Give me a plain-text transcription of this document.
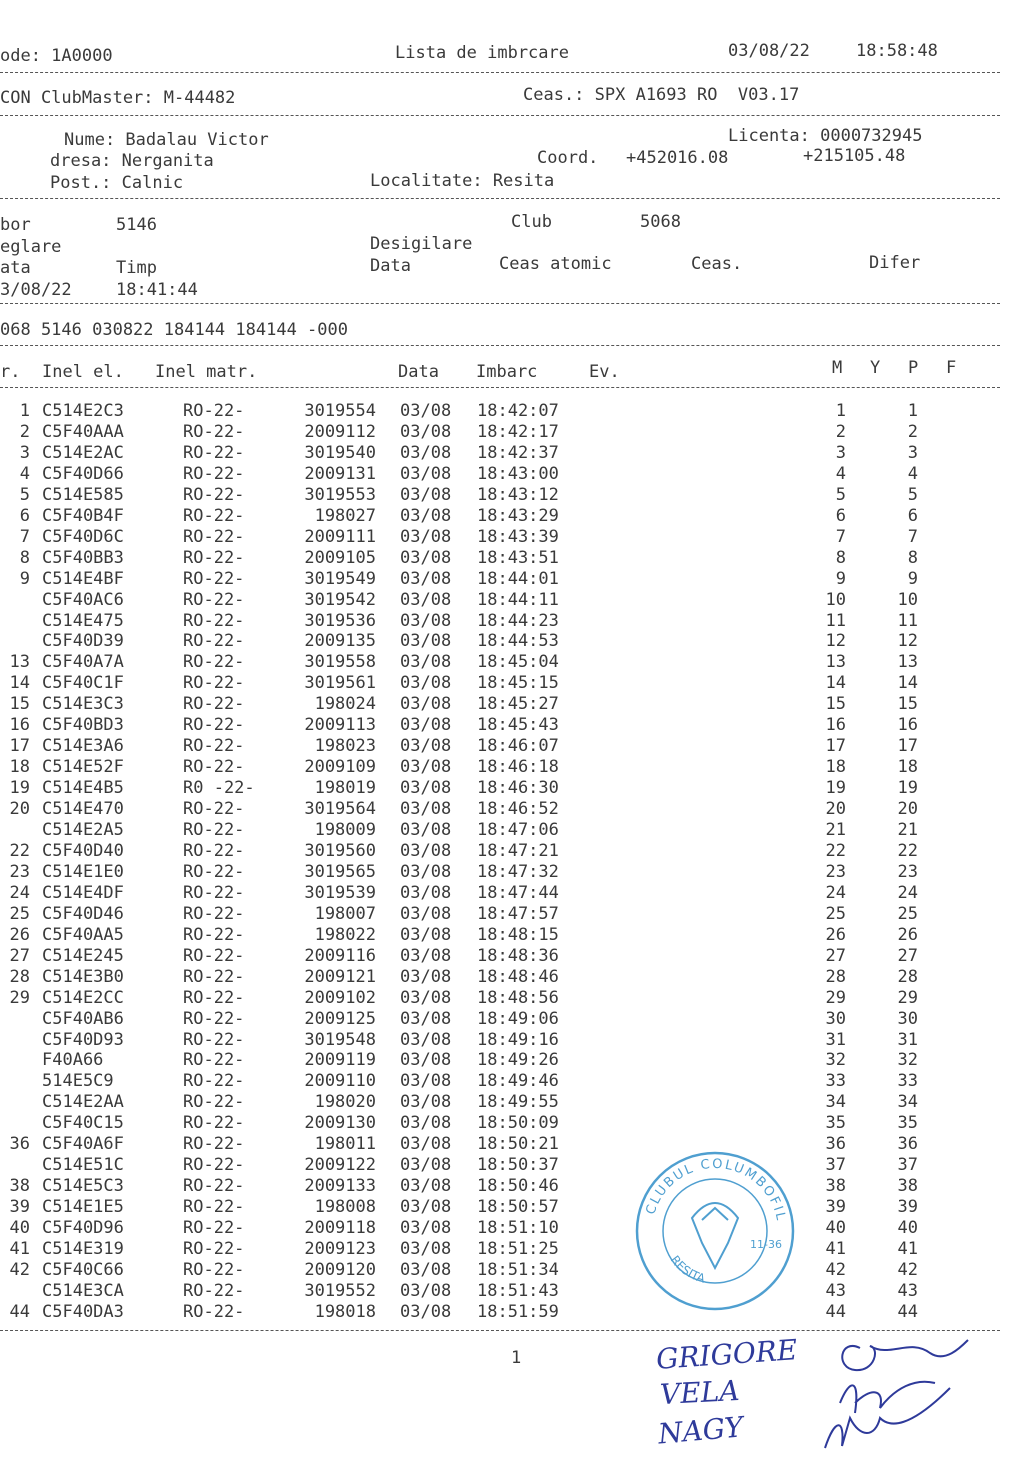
ode: 1A0000	Lista de imbrcare	03/08/22	18:58:48
CON ClubMaster: M-44482	Ceas.: SPX A1693 RO  V03.17
Nume: Badalau Victor	Licenta: 0000732945
dresa: Nerganita	Coord. +452016.08	+215105.48
Post.: Calnic	Localitate: Resita
bor	5146	Club	5068
eglare	Desigilare
ata	Timp	Data	Ceas atomic	Ceas.	Difer
3/08/22	18:41:44
068 5146 030822 184144 184144 -000
r. Inel el. Inel matr.	Data Imbarc	Ev.	M Y P F
1 C514E2C3	RO-22-	3019554 03/08 18:42:07	1	1
2 C5F40AAA	RO-22-	2009112 03/08 18:42:17	2	2
3 C514E2AC	RO-22-	3019540 03/08 18:42:37	3	3
4 C5F40D66	RO-22-	2009131 03/08 18:43:00	4	4
5 C514E585	RO-22-	3019553 03/08 18:43:12	5	5
6 C5F40B4F	RO-22-	198027 03/08 18:43:29	6	6
7 C5F40D6C	RO-22-	2009111 03/08 18:43:39	7	7
8 C5F40BB3	RO-22-	2009105 03/08 18:43:51	8	8
9 C514E4BF	RO-22-	3019549 03/08 18:44:01	9	9
C5F40AC6	RO-22-	3019542 03/08 18:44:11	10	10
C514E475	RO-22-	3019536 03/08 18:44:23	11	11
C5F40D39	RO-22-	2009135 03/08 18:44:53	12	12
13 C5F40A7A	RO-22-	3019558 03/08 18:45:04	13	13
14 C5F40C1F	RO-22-	3019561 03/08 18:45:15	14	14
15 C514E3C3	RO-22-	198024 03/08 18:45:27	15	15
16 C5F40BD3	RO-22-	2009113 03/08 18:45:43	16	16
17 C514E3A6	RO-22-	198023 03/08 18:46:07	17	17
18 C514E52F	RO-22-	2009109 03/08 18:46:18	18	18
19 C514E4B5	R0 -22-	198019 03/08 18:46:30	19	19
20 C514E470	RO-22-	3019564 03/08 18:46:52	20	20
C514E2A5	RO-22-	198009 03/08 18:47:06	21	21
22 C5F40D40	RO-22-	3019560 03/08 18:47:21	22	22
23 C514E1E0	RO-22-	3019565 03/08 18:47:32	23	23
24 C514E4DF	RO-22-	3019539 03/08 18:47:44	24	24
25 C5F40D46	RO-22-	198007 03/08 18:47:57	25	25
26 C5F40AA5	RO-22-	198022 03/08 18:48:15	26	26
27 C514E245	RO-22-	2009116 03/08 18:48:36	27	27
28 C514E3B0	RO-22-	2009121 03/08 18:48:46	28	28
29 C514E2CC	RO-22-	2009102 03/08 18:48:56	29	29
C5F40AB6	RO-22-	2009125 03/08 18:49:06	30	30
C5F40D93	RO-22-	3019548 03/08 18:49:16	31	31
F40A66	RO-22-	2009119 03/08 18:49:26	32	32
514E5C9	RO-22-	2009110 03/08 18:49:46	33	33
C514E2AA	RO-22-	198020 03/08 18:49:55	34	34
C5F40C15	RO-22-	2009130 03/08 18:50:09	35	35
36 C5F40A6F	RO-22-	198011 03/08 18:50:21	36	36
C514E51C	RO-22-	2009122 03/08 18:50:37	37	37
38 C514E5C3	RO-22-	2009133 03/08 18:50:46	38	38
39 C514E1E5	RO-22-	198008 03/08 18:50:57	39	39
40 C5F40D96	RO-22-	2009118 03/08 18:51:10	40	40
41 C514E319	RO-22-	2009123 03/08 18:51:25	41	41
42 C5F40C66	RO-22-	2009120 03/08 18:51:34	42	42
C514E3CA	RO-22-	3019552 03/08 18:51:43	43	43
44 C5F40DA3	RO-22-	198018 03/08 18:51:59	44	44
1
CLUBUL COLUMBOFIL
RESITA
11-36
GRIGORE
VELA
NAGY
